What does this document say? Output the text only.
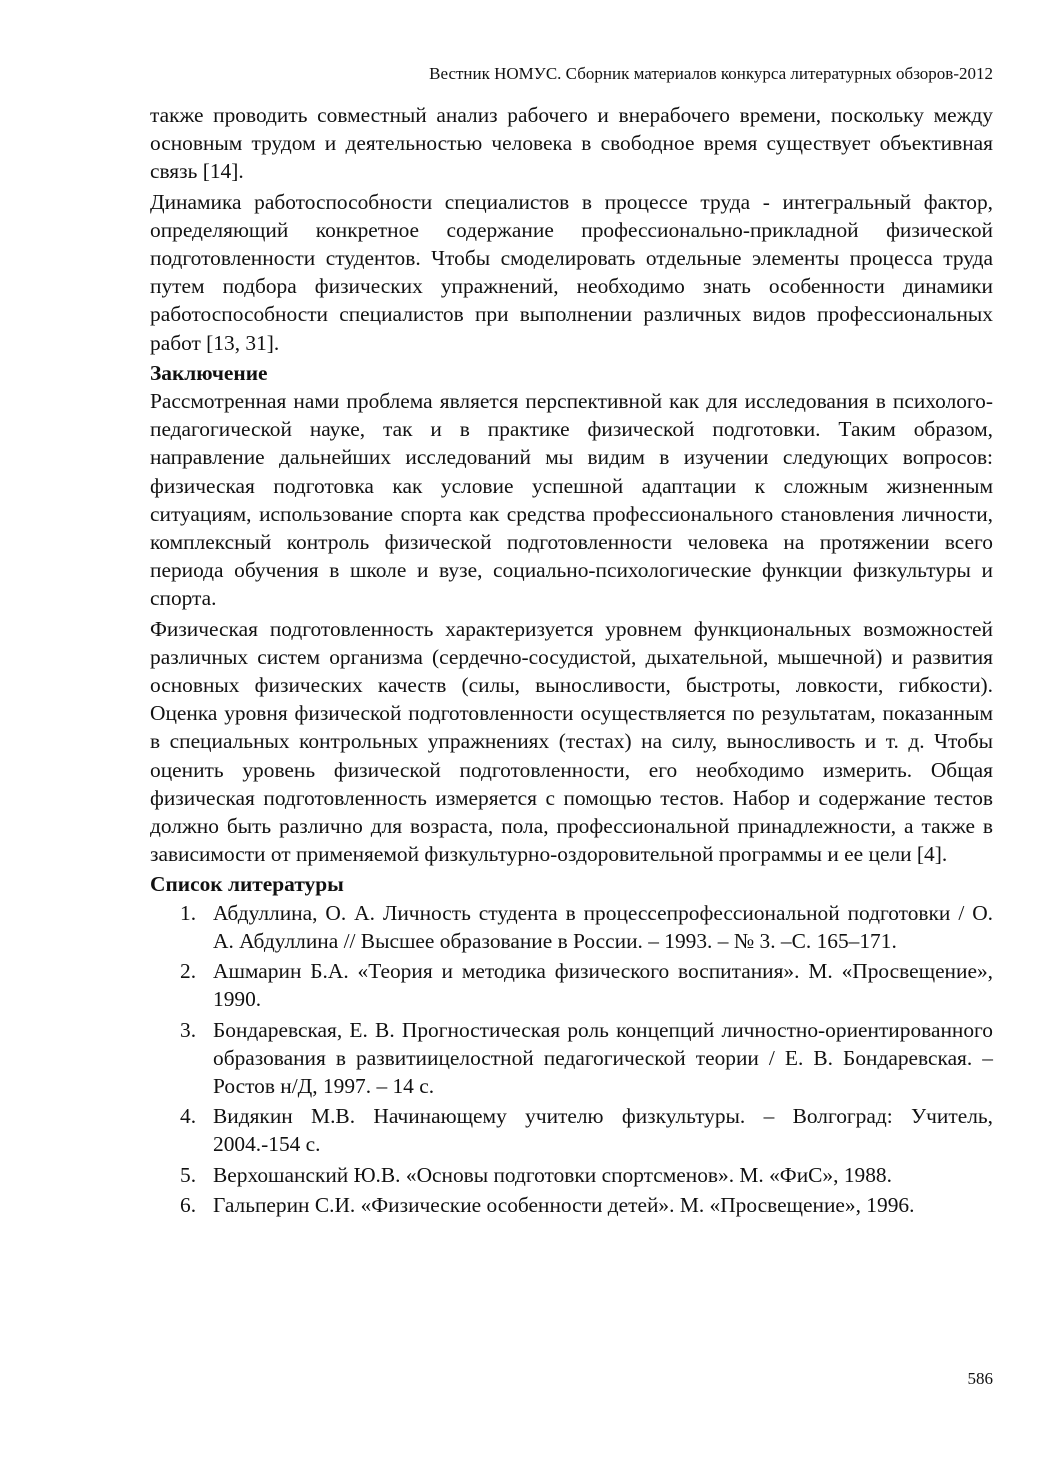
Вестник НОМУС. Сборник материалов конкурса литературных обзоров-2012

также проводить совместный анализ рабочего и внерабочего времени, поскольку между основным трудом и деятельностью человека в свободное время существует объективная связь [14].

Динамика работоспособности специалистов в процессе труда - интегральный фактор, определяющий конкретное содержание профессионально-прикладной физической подготовленности студентов. Чтобы смоделировать отдельные элементы процесса труда путем подбора физических упражнений, необходимо знать особенности динамики работоспособности специалистов при выполнении различных видов профессиональных работ [13, 31].

Заключение

Рассмотренная нами проблема является перспективной как для исследования в психолого-педагогической науке, так и в практике физической подготовки. Таким образом, направление дальнейших исследований мы видим в изучении следующих вопросов: физическая подготовка как условие успешной адаптации к сложным жизненным ситуациям, использование спорта как средства профессионального становления личности, комплексный контроль физической подготовленности человека на протяжении всего периода обучения в школе и вузе, социально-психологические функции физкультуры и спорта.

Физическая подготовленность характеризуется уровнем функциональных возможностей различных систем организма (сердечно-сосудистой, дыхательной, мышечной) и развития основных физических качеств (силы, выносливости, быстроты, ловкости, гибкости). Оценка уровня физической подготовленности осуществляется по результатам, показанным в специальных контрольных упражнениях (тестах) на силу, выносливость и т. д. Чтобы оценить уровень физической подготовленности, его необходимо измерить. Общая физическая подготовленность измеряется с помощью тестов. Набор и содержание тестов должно быть различно для возраста, пола, профессиональной принадлежности, а также в зависимости от применяемой физкультурно-оздоровительной программы и ее цели [4].

Список литературы
1. Абдуллина, О. А. Личность студента в процессепрофессиональной подготовки / О. А. Абдуллина // Высшее образование в России. – 1993. – № 3. –С. 165–171.
2. Ашмарин Б.А. «Теория и методика физического воспитания». М. «Просвещение», 1990.
3. Бондаревская, Е. В. Прогностическая роль концепций личностно-ориентированного образования в развитиицелостной педагогической теории / Е. В. Бондаревская. – Ростов н/Д, 1997. – 14 с.
4. Видякин М.В. Начинающему учителю физкультуры. – Волгоград: Учитель, 2004.-154 с.
5. Верхошанский Ю.В. «Основы подготовки спортсменов». М. «ФиС», 1988.
6. Гальперин С.И. «Физические особенности детей». М. «Просвещение», 1996.
586
